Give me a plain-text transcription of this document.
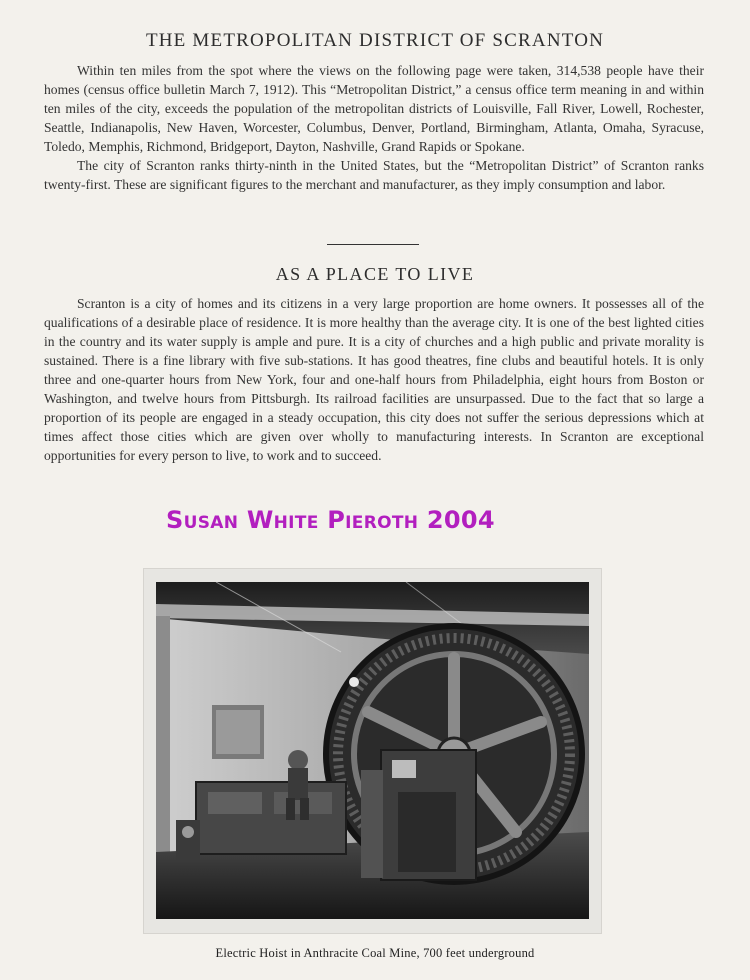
THE METROPOLITAN DISTRICT OF SCRANTON

Within ten miles from the spot where the views on the following page were taken, 314,538 people have their homes (census office bulletin March 7, 1912). This “Metropolitan District,” a census office term meaning in and within ten miles of the city, exceeds the population of the metropolitan districts of Louisville, Fall River, Lowell, Rochester, Seattle, Indianapolis, New Haven, Worcester, Columbus, Denver, Portland, Birmingham, Atlanta, Omaha, Syracuse, Toledo, Memphis, Richmond, Bridgeport, Dayton, Nashville, Grand Rapids or Spokane.

The city of Scranton ranks thirty-ninth in the United States, but the “Metropolitan District” of Scranton ranks twenty-first. These are significant figures to the merchant and manufacturer, as they imply consumption and labor.

AS A PLACE TO LIVE

Scranton is a city of homes and its citizens in a very large proportion are home owners. It possesses all of the qualifications of a desirable place of residence. It is more healthy than the average city. It is one of the best lighted cities in the country and its water supply is ample and pure. It is a city of churches and a high public and private morality is sustained. There is a fine library with five sub-stations. It has good theatres, fine clubs and beautiful hotels. It is only three and one-quarter hours from New York, four and one-half hours from Philadelphia, eight hours from Boston or Washington, and twelve hours from Pittsburgh. Its railroad facilities are unsurpassed. Due to the fact that so large a proportion of its people are engaged in a steady occupation, this city does not suffer the serious depressions which at times affect those cities which are given over wholly to manufacturing interests. In Scranton are exceptional opportunities for every person to live, to work and to succeed.

Susan White Pieroth 2004
Electric Hoist in Anthracite Coal Mine, 700 feet underground
